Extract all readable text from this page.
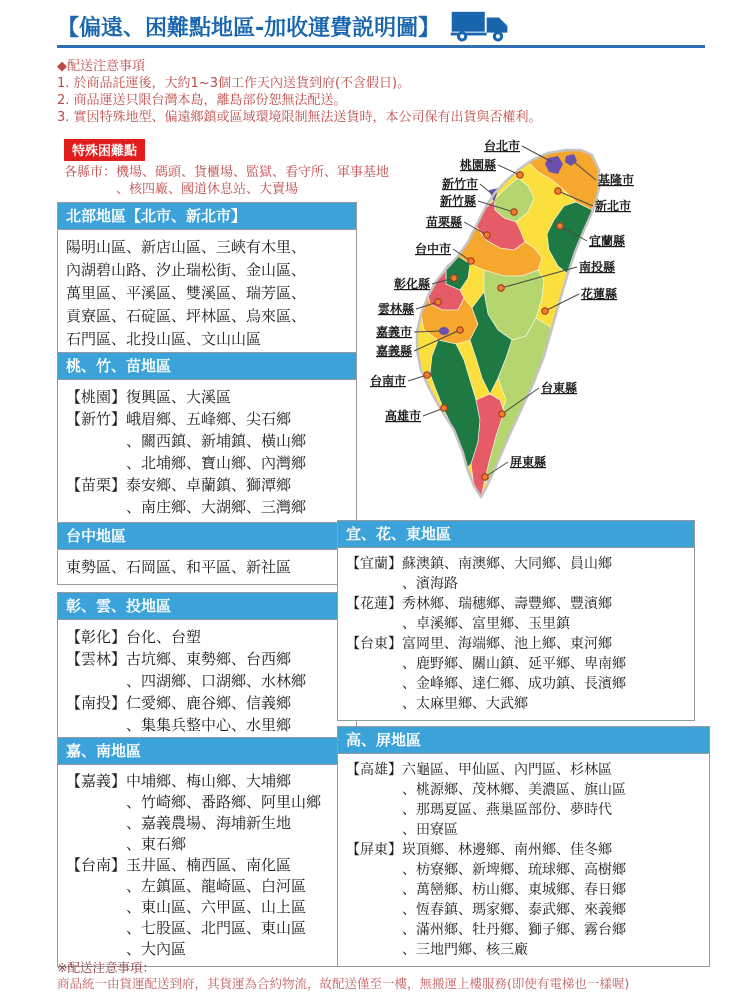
【偏遠、困難點地區-加收運費説明圖】
◆配送注意事項
1. 於商品託運後，大約1~3個工作天內送貨到府(不含假日)。
2. 商品運送只限台灣本島，離島部份恕無法配送。
3. 實因特殊地型、偏遠鄉鎮或區域環境限制無法送貨時，本公司保有出貨與否權利。
特殊困難點
各縣市：機場、碼頭、貨櫃場、監獄、看守所、軍事基地
　　　　、核四廠、國道休息站、大賣場
北部地區【北市、新北市】
陽明山區、新店山區、三峽有木里、
內湖碧山路、汐止瑞松街、金山區、
萬里區、平溪區、雙溪區、瑞芳區、
貢寮區、石碇區、坪林區、烏來區、
石門區、北投山區、文山山區
桃、竹、苗地區
【桃園】復興區、大溪區
【新竹】峨眉鄉、五峰鄉、尖石鄉
　　　　、關西鎮、新埔鎮、橫山鄉
　　　　、北埔鄉、寶山鄉、內灣鄉
【苗栗】泰安鄉、卓蘭鎮、獅潭鄉
　　　　、南庄鄉、大湖鄉、三灣鄉
台中地區
東勢區、石岡區、和平區、新社區
彰、雲、投地區
【彰化】台化、台塑
【雲林】古坑鄉、東勢鄉、台西鄉
　　　　、四湖鄉、口湖鄉、水林鄉
【南投】仁愛鄉、鹿谷鄉、信義鄉
　　　　、集集兵整中心、水里鄉
嘉、南地區
【嘉義】中埔鄉、梅山鄉、大埔鄉
　　　　、竹崎鄉、番路鄉、阿里山鄉
　　　　、嘉義農場、海埔新生地
　　　　、東石鄉
【台南】玉井區、楠西區、南化區
　　　　、左鎮區、龍崎區、白河區
　　　　、東山區、六甲區、山上區
　　　　、七股區、北門區、東山區
　　　　、大內區
宜、花、東地區
【宜蘭】蘇澳鎮、南澳鄉、大同鄉、員山鄉
　　　　、濱海路
【花蓮】秀林鄉、瑞穗鄉、壽豐鄉、豐濱鄉
　　　　、卓溪鄉、富里鄉、玉里鎮
【台東】富岡里、海端鄉、池上鄉、東河鄉
　　　　、鹿野鄉、關山鎮、延平鄉、卑南鄉
　　　　、金峰鄉、達仁鄉、成功鎮、長濱鄉
　　　　、太麻里鄉、大武鄉
高、屏地區
【高雄】六龜區、甲仙區、內門區、杉林區
　　　　、桃源鄉、茂林鄉、美濃區、旗山區
　　　　、那瑪夏區、燕巢區部份、夢時代
　　　　、田寮區
【屏東】崁頂鄉、林邊鄉、南州鄉、佳冬鄉
　　　　、枋寮鄉、新埤鄉、琉球鄉、高樹鄉
　　　　、萬巒鄉、枋山鄉、東城鄉、春日鄉
　　　　、恆春鎮、瑪家鄉、泰武鄉、來義鄉
　　　　、滿州鄉、牡丹鄉、獅子鄉、霧台鄉
　　　　、三地門鄉、核三廠
台北市
桃園縣
新竹市
新竹縣
苗栗縣
台中市
彰化縣
雲林縣
嘉義市
嘉義縣
台南市
高雄市
基隆市
新北市
宜蘭縣
南投縣
花蓮縣
台東縣
屏東縣
※配送注意事項：
商品統一由貨運配送到府，其貨運為合約物流，故配送僅至一樓，無搬運上樓服務(即使有電梯也一樣喔)
